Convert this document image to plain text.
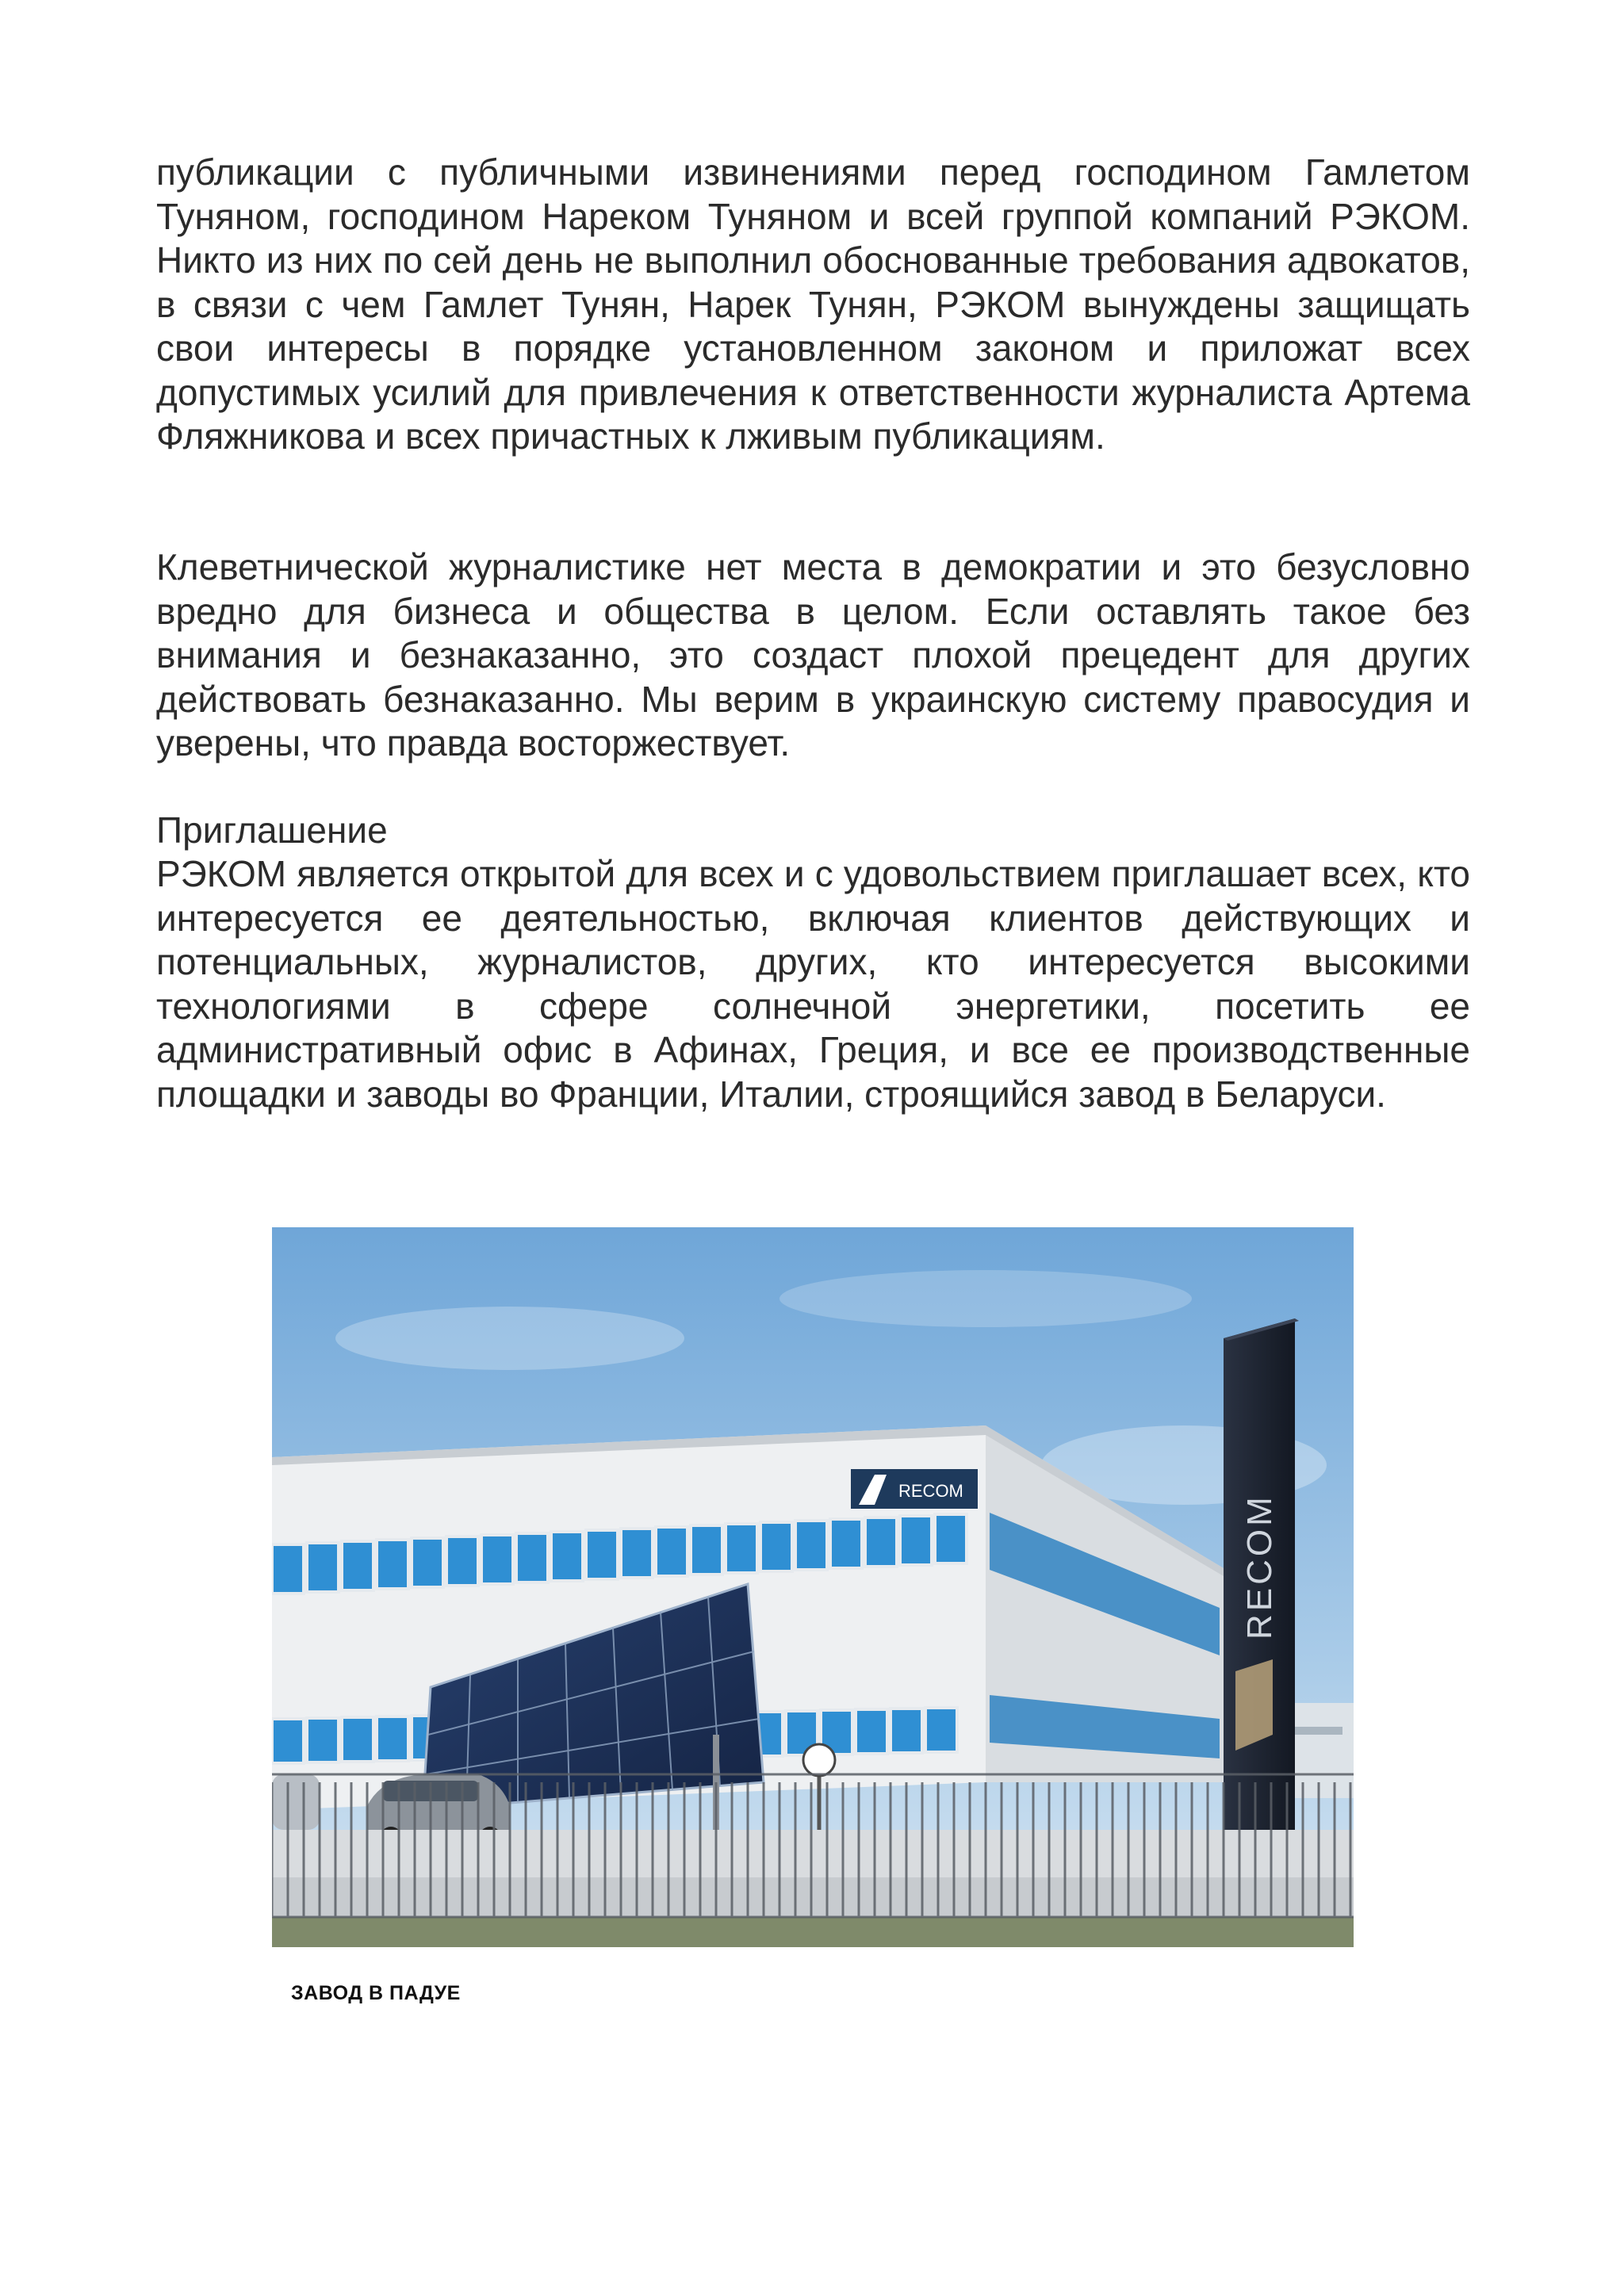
публикации с публичными извинениями перед господином Гамлетом Туняном, господином Нареком Туняном и всей группой компаний РЭКОМ. Никто из них по сей день не выполнил обоснованные требования адвокатов, в связи с чем Гамлет Тунян, Нарек Тунян, РЭКОМ вынуждены защищать свои интересы в порядке установленном законом и приложат всех допустимых усилий для привлечения к ответственности журналиста Артема Фляжникова и всех причастных к лживым публикациям.

Клеветнической журналистике нет места в демократии и это безусловно вредно для бизнеса и общества в целом. Если оставлять такое без внимания и безнаказанно, это создаст плохой прецедент для других действовать безнаказанно. Мы верим в украинскую систему правосудия и уверены, что правда восторжествует.

Приглашение

РЭКОМ является открытой для всех и с удовольствием приглашает всех, кто интересуется ее деятельностью, включая клиентов действующих и потенциальных, журналистов, других, кто интересуется высокими технологиями в сфере солнечной энергетики, посетить ее административный офис в Афинах, Греция, и все ее производственные площадки и заводы во Франции, Италии, строящийся завод в Беларуси.

RECOM
RECOM
ЗАВОД В ПАДУЕ
